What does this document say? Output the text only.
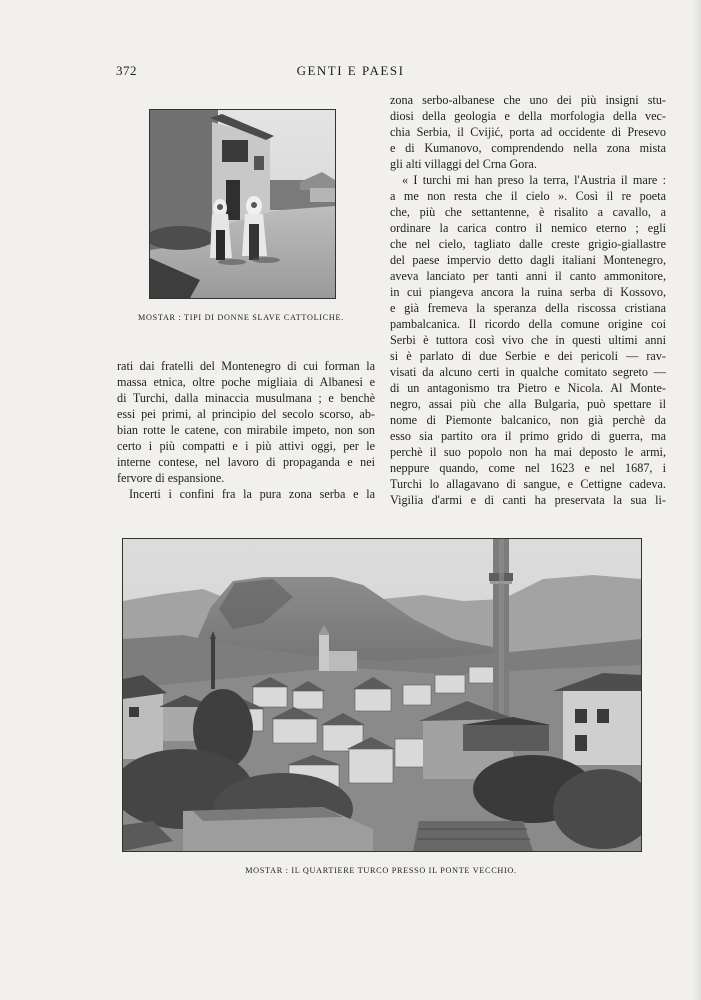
372	GENTI E PAESI
MOSTAR : TIPI DI DONNE SLAVE CATTOLICHE.
zona serbo-albanese che uno dei più insigni stu-
diosi della geologia e della morfologia della vec-
chia Serbia, il Cvijić, porta ad occidente di Presevo
e di Kumanovo, comprendendo nella zona mista
gli alti villaggi del Crna Gora.
« I turchi mi han preso la terra, l'Austria il mare :
a me non resta che il cielo ». Così il re poeta
che, più che settantenne, è risalito a cavallo, a
ordinare la carica contro il nemico eterno ; egli
che nel cielo, tagliato dalle creste grigio-giallastre
del paese impervio detto dagli italiani Montenegro,
aveva lanciato per tanti anni il canto ammonitore,
in cui piangeva ancora la ruina serba di Kossovo,
e già fremeva la speranza della riscossa cristiana
pambalcanica. Il ricordo della comune origine coi
Serbi è tuttora così vivo che in questi ultimi anni
si è parlato di due Serbie e dei pericoli — rav-
visati da alcuno certi in qualche comitato segreto —
di un antagonismo tra Pietro e Nicola. Al Monte-
negro, assai più che alla Bulgaria, può spettare il
nome di Piemonte balcanico, non già perchè da
esso sia partito ora il primo grido di guerra, ma
perchè il suo popolo non ha mai deposto le armi,
neppure quando, come nel 1623 e nel 1687, i
Turchi lo allagavano di sangue, e Cettigne cadeva.
Vigilia d'armi e di canti ha preservata la sua li-
rati dai fratelli del Montenegro di cui forman la
massa etnica, oltre poche migliaia di Albanesi e
di Turchi, dalla minaccia musulmana ; e benchè
essi pei primi, al principio del secolo scorso, ab-
bian rotte le catene, con mirabile impeto, non son
certo i più compatti e i più attivi oggi, per le
interne contese, nel lavoro di propaganda e nei
fervore di espansione.
Incerti i confini fra la pura zona serba e la
MOSTAR : IL QUARTIERE TURCO PRESSO IL PONTE VECCHIO.
